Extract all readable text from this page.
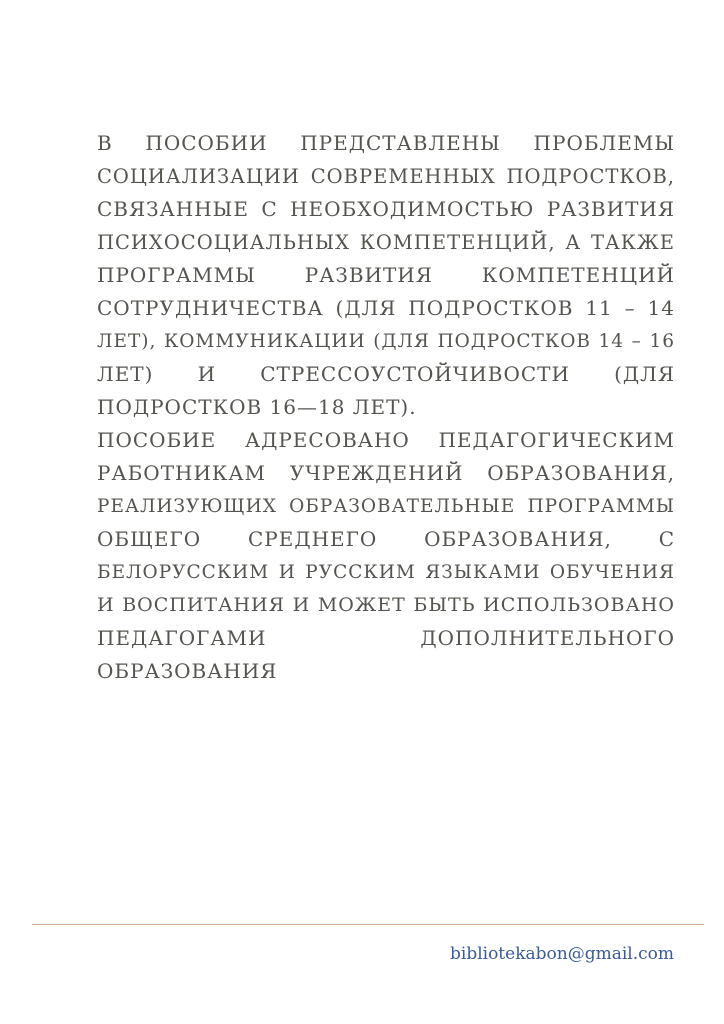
В ПОСОБИИ ПРЕДСТАВЛЕНЫ ПРОБЛЕМЫ
СОЦИАЛИЗАЦИИ СОВРЕМЕННЫХ ПОДРОСТКОВ,
СВЯЗАННЫЕ С НЕОБХОДИМОСТЬЮ РАЗВИТИЯ
ПСИХОСОЦИАЛЬНЫХ КОМПЕТЕНЦИЙ, А ТАКЖЕ
ПРОГРАММЫ РАЗВИТИЯ КОМПЕТЕНЦИЙ
СОТРУДНИЧЕСТВА (ДЛЯ ПОДРОСТКОВ 11 – 14
ЛЕТ), КОММУНИКАЦИИ (ДЛЯ ПОДРОСТКОВ 14 – 16
ЛЕТ) И СТРЕССОУСТОЙЧИВОСТИ (ДЛЯ
ПОДРОСТКОВ 16—18 ЛЕТ).
ПОСОБИЕ АДРЕСОВАНО ПЕДАГОГИЧЕСКИМ
РАБОТНИКАМ УЧРЕЖДЕНИЙ ОБРАЗОВАНИЯ,
РЕАЛИЗУЮЩИХ ОБРАЗОВАТЕЛЬНЫЕ ПРОГРАММЫ
ОБЩЕГО СРЕДНЕГО ОБРАЗОВАНИЯ, С
БЕЛОРУССКИМ И РУССКИМ ЯЗЫКАМИ ОБУЧЕНИЯ
И ВОСПИТАНИЯ И МОЖЕТ БЫТЬ ИСПОЛЬЗОВАНО
ПЕДАГОГАМИ ДОПОЛНИТЕЛЬНОГО
ОБРАЗОВАНИЯ
bibliotekabon@gmail.com
